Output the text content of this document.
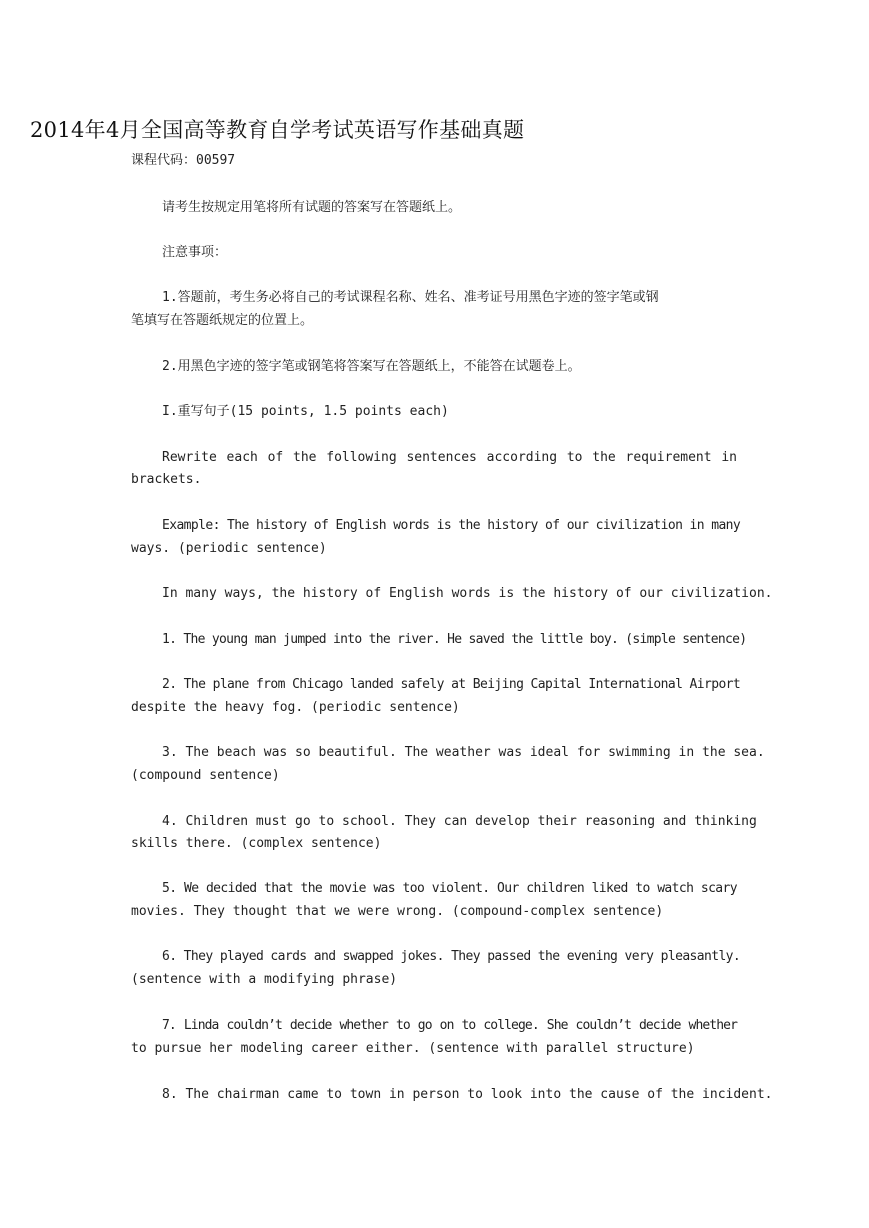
2014年4月全国高等教育自学考试英语写作基础真题
课程代码：00597
请考生按规定用笔将所有试题的答案写在答题纸上。
注意事项：
1.答题前，考生务必将自己的考试课程名称、姓名、准考证号用黑色字迹的签字笔或钢
笔填写在答题纸规定的位置上。
2.用黑色字迹的签字笔或钢笔将答案写在答题纸上，不能答在试题卷上。
I.重写句子(15 points, 1.5 points each)
Rewrite each of the following sentences according to the requirement in
brackets.
Example: The history of English words is the history of our civilization in many
ways. (periodic sentence)
In many ways, the history of English words is the history of our civilization.
1. The young man jumped into the river. He saved the little boy. (simple sentence)
2. The plane from Chicago landed safely at Beijing Capital International Airport
despite the heavy fog. (periodic sentence)
3. The beach was so beautiful. The weather was ideal for swimming in the sea.
(compound sentence)
4. Children must go to school. They can develop their reasoning and thinking
skills there. (complex sentence)
5. We decided that the movie was too violent. Our children liked to watch scary
movies. They thought that we were wrong. (compound-complex sentence)
6. They played cards and swapped jokes. They passed the evening very pleasantly.
(sentence with a modifying phrase)
7. Linda couldn’t decide whether to go on to college. She couldn’t decide whether
to pursue her modeling career either. (sentence with parallel structure)
8. The chairman came to town in person to look into the cause of the incident.
